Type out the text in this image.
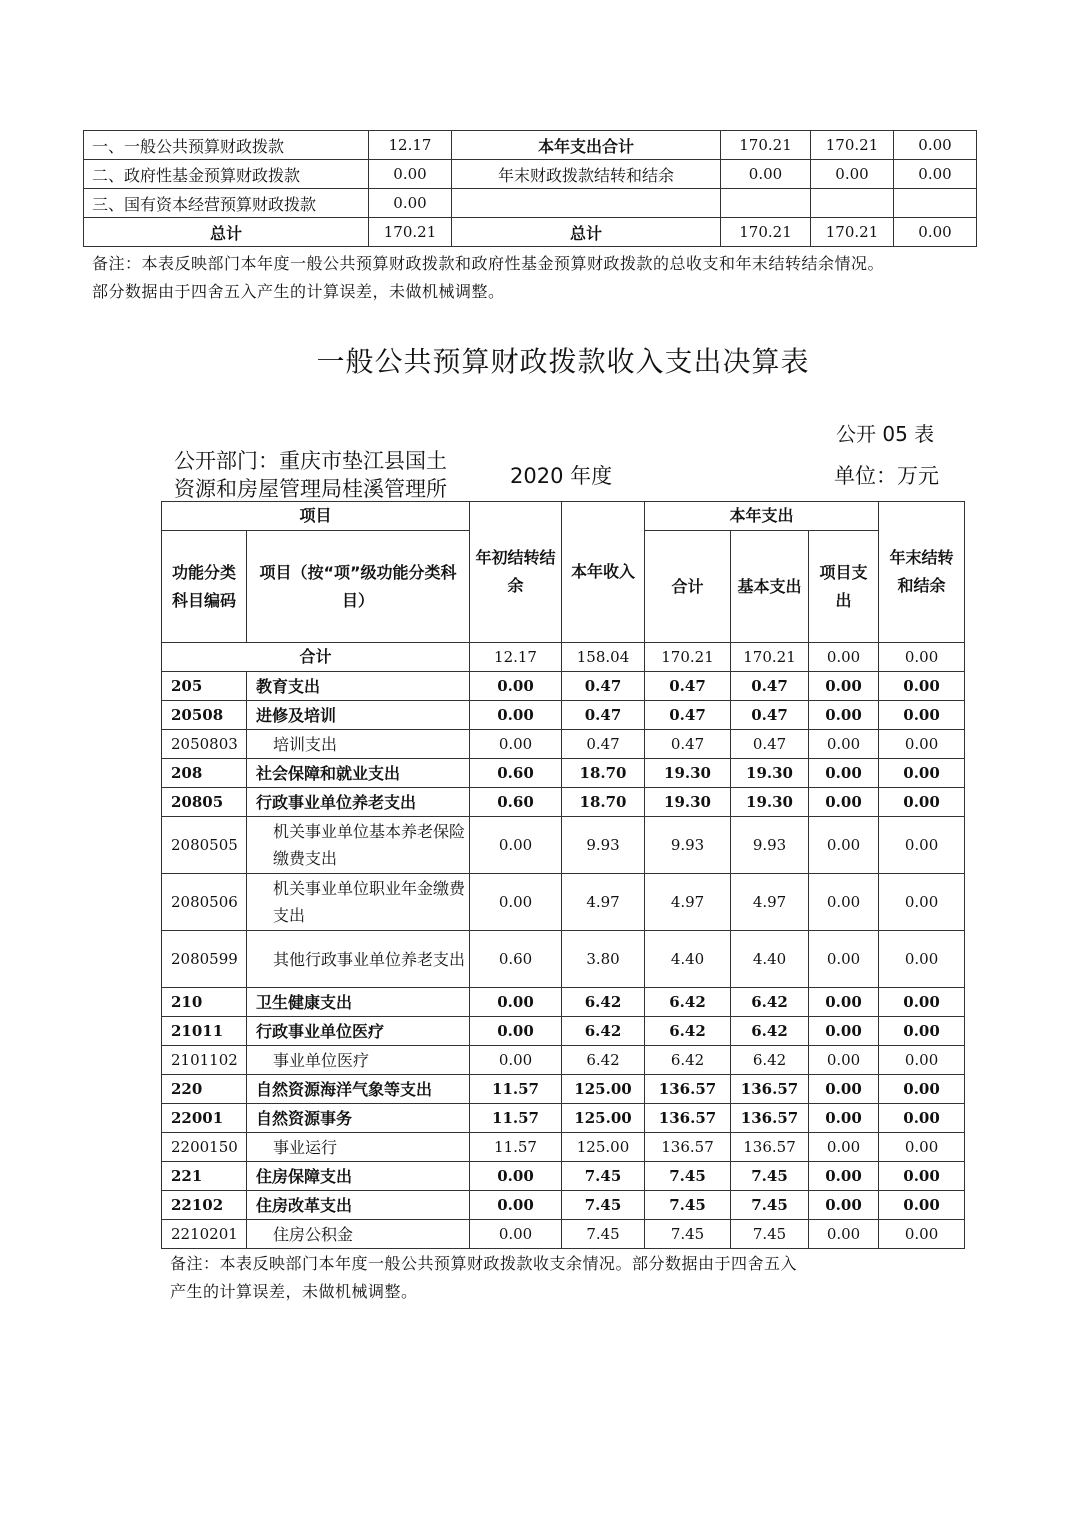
一、一般公共预算财政拨款	12.17	本年支出合计	170.21	170.21	0.00
二、政府性基金预算财政拨款	0.00	年末财政拨款结转和结余	0.00	0.00	0.00
三、国有资本经营预算财政拨款	0.00				
总计	170.21	总计	170.21	170.21	0.00
备注：本表反映部门本年度一般公共预算财政拨款和政府性基金预算财政拨款的总收支和年末结转结余情况。
部分数据由于四舍五入产生的计算误差，未做机械调整。
一般公共预算财政拨款收入支出决算表
公开 05 表
公开部门：重庆市垫江县国土
资源和房屋管理局桂溪管理所
2020 年度	单位：万元
项目		年初结转结余	本年收入	本年支出			年末结转和结余
功能分类科目编码	项目（按“项”级功能分类科目）			合计	基本支出	项目支出	
合计		12.17	158.04	170.21	170.21	0.00	0.00
205	教育支出	0.00	0.47	0.47	0.47	0.00	0.00
20508	进修及培训	0.00	0.47	0.47	0.47	0.00	0.00
2050803	培训支出	0.00	0.47	0.47	0.47	0.00	0.00
208	社会保障和就业支出	0.60	18.70	19.30	19.30	0.00	0.00
20805	行政事业单位养老支出	0.60	18.70	19.30	19.30	0.00	0.00
2080505	机关事业单位基本养老保险缴费支出	0.00	9.93	9.93	9.93	0.00	0.00
2080506	机关事业单位职业年金缴费支出	0.00	4.97	4.97	4.97	0.00	0.00
2080599	其他行政事业单位养老支出	0.60	3.80	4.40	4.40	0.00	0.00
210	卫生健康支出	0.00	6.42	6.42	6.42	0.00	0.00
21011	行政事业单位医疗	0.00	6.42	6.42	6.42	0.00	0.00
2101102	事业单位医疗	0.00	6.42	6.42	6.42	0.00	0.00
220	自然资源海洋气象等支出	11.57	125.00	136.57	136.57	0.00	0.00
22001	自然资源事务	11.57	125.00	136.57	136.57	0.00	0.00
2200150	事业运行	11.57	125.00	136.57	136.57	0.00	0.00
221	住房保障支出	0.00	7.45	7.45	7.45	0.00	0.00
22102	住房改革支出	0.00	7.45	7.45	7.45	0.00	0.00
2210201	住房公积金	0.00	7.45	7.45	7.45	0.00	0.00
备注：本表反映部门本年度一般公共预算财政拨款收支余情况。部分数据由于四舍五入
产生的计算误差，未做机械调整。
